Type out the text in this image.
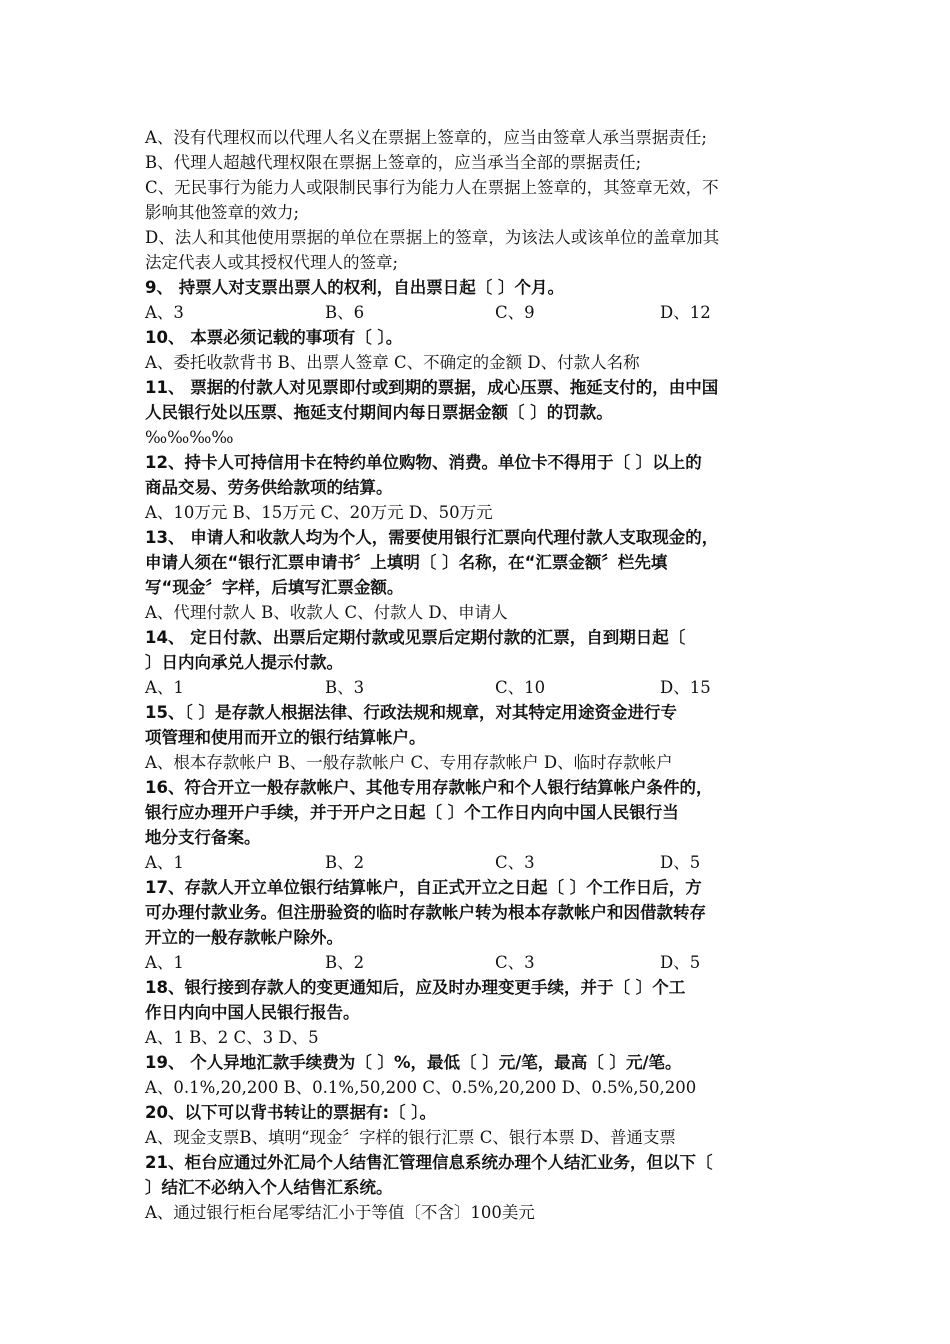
A、没有代理权而以代理人名义在票据上签章的，应当由签章人承当票据责任;
B、代理人超越代理权限在票据上签章的，应当承当全部的票据责任;
C、无民事行为能力人或限制民事行为能力人在票据上签章的，其签章无效，不
影响其他签章的效力;
D、法人和其他使用票据的单位在票据上的签章，为该法人或该单位的盖章加其
法定代表人或其授权代理人的签章;
9、 持票人对支票出票人的权利，自出票日起〔 〕个月。
A、3	B、6	C、9	D、12
10、 本票必须记载的事项有〔 〕。
A、委托收款背书 B、出票人签章 C、不确定的金额 D、付款人名称
11、 票据的付款人对见票即付或到期的票据，成心压票、拖延支付的，由中国
人民银行处以压票、拖延支付期间内每日票据金额〔 〕的罚款。
‰‰‰‰
12、持卡人可持信用卡在特约单位购物、消费。单位卡不得用于〔 〕以上的
商品交易、劳务供给款项的结算。
A、10万元 B、15万元 C、20万元 D、50万元
13、 申请人和收款人均为个人，需要使用银行汇票向代理付款人支取现金的，
申请人须在“银行汇票申请书〞上填明〔 〕名称，在“汇票金额〞栏先填
写“现金〞字样，后填写汇票金额。
A、代理付款人 B、收款人 C、付款人 D、申请人
14、 定日付款、出票后定期付款或见票后定期付款的汇票，自到期日起〔
〕日内向承兑人提示付款。
A、1	B、3	C、10	D、15
15、〔 〕是存款人根据法律、行政法规和规章，对其特定用途资金进行专
项管理和使用而开立的银行结算帐户。
A、根本存款帐户 B、一般存款帐户 C、专用存款帐户 D、临时存款帐户
16、符合开立一般存款帐户、其他专用存款帐户和个人银行结算帐户条件的，
银行应办理开户手续，并于开户之日起〔 〕个工作日内向中国人民银行当
地分支行备案。
A、1	B、2	C、3	D、5
17、存款人开立单位银行结算帐户，自正式开立之日起〔 〕个工作日后，方
可办理付款业务。但注册验资的临时存款帐户转为根本存款帐户和因借款转存
开立的一般存款帐户除外。
A、1	B、2	C、3	D、5
18、银行接到存款人的变更通知后，应及时办理变更手续，并于〔 〕个工
作日内向中国人民银行报告。
A、1 B、2 C、3 D、5
19、 个人异地汇款手续费为〔 〕%，最低〔 〕元/笔，最高〔 〕元/笔。
A、0.1%,20,200 B、0.1%,50,200 C、0.5%,20,200 D、0.5%,50,200
20、以下可以背书转让的票据有:〔 〕。
A、现金支票B、填明“现金〞字样的银行汇票 C、银行本票 D、普通支票
21、柜台应通过外汇局个人结售汇管理信息系统办理个人结汇业务，但以下〔
〕结汇不必纳入个人结售汇系统。
A、通过银行柜台尾零结汇小于等值〔不含〕100美元
